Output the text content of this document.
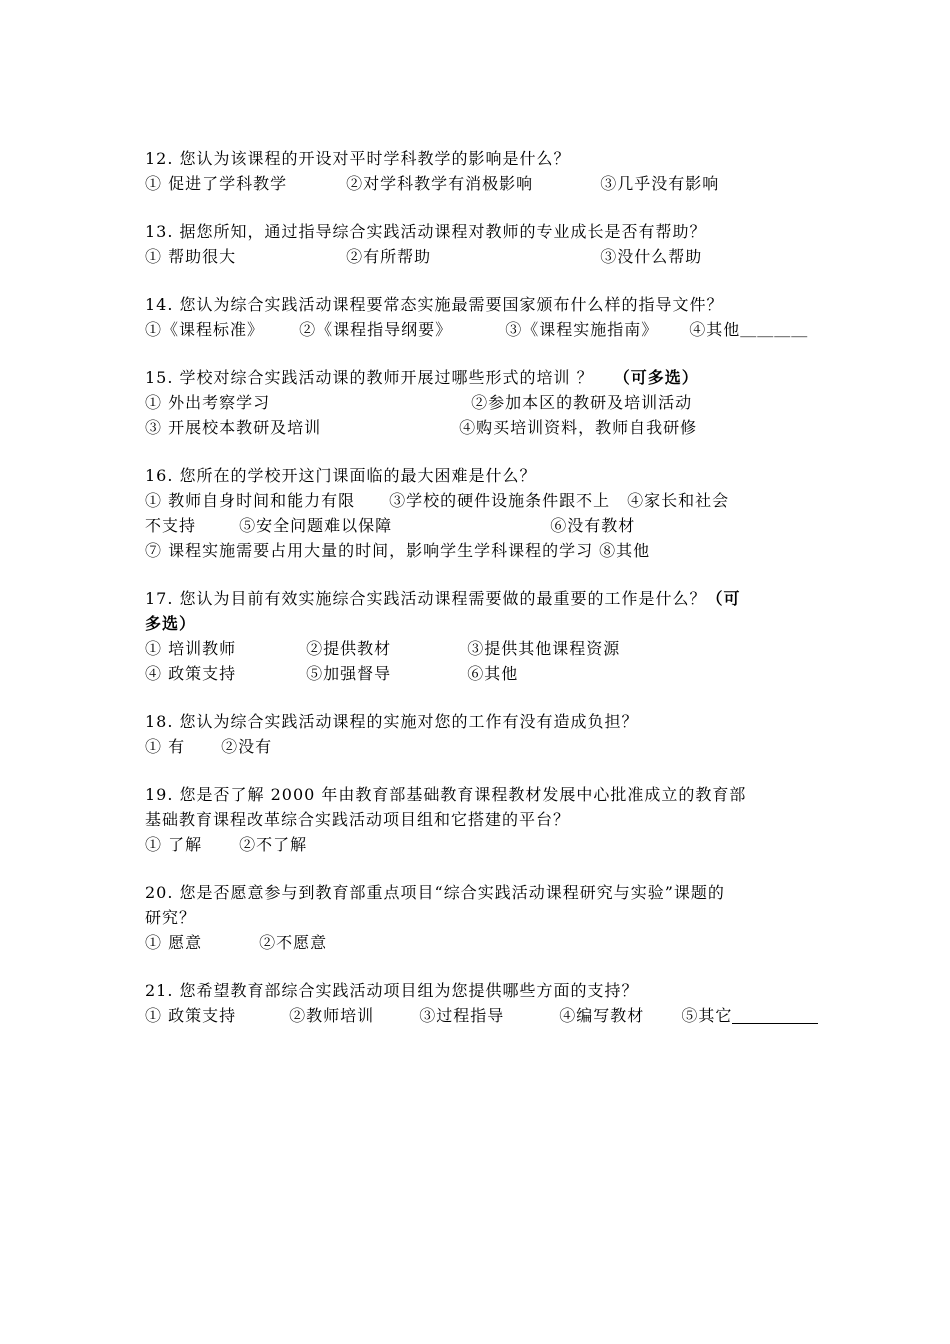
12. 您认为该课程的开设对平时学科教学的影响是什么？
① 促进了学科教学	②对学科教学有消极影响	③几乎没有影响
13. 据您所知，通过指导综合实践活动课程对教师的专业成长是否有帮助？
① 帮助很大	②有所帮助	③没什么帮助
14. 您认为综合实践活动课程要常态实施最需要国家颁布什么样的指导文件？
①《课程标准》 ②《课程指导纲要》	③《课程实施指南》 ④其他＿＿＿＿
15. 学校对综合实践活动课的教师开展过哪些形式的培训 ？ （可多选）
① 外出考察学习	②参加本区的教研及培训活动
③ 开展校本教研及培训	④购买培训资料，教师自我研修
16. 您所在的学校开这门课面临的最大困难是什么？
① 教师自身时间和能力有限　　③学校的硬件设施条件跟不上　④家长和社会
不支持	⑤安全问题难以保障	⑥没有教材
⑦ 课程实施需要占用大量的时间，影响学生学科课程的学习 ⑧其他
17. 您认为目前有效实施综合实践活动课程需要做的最重要的工作是什么？（可
多选）
① 培训教师	②提供教材	③提供其他课程资源
④ 政策支持	⑤加强督导	⑥其他
18. 您认为综合实践活动课程的实施对您的工作有没有造成负担？
① 有 ②没有
19. 您是否了解 2000 年由教育部基础教育课程教材发展中心批准成立的教育部
基础教育课程改革综合实践活动项目组和它搭建的平台？
① 了解 ②不了解
20. 您是否愿意参与到教育部重点项目“综合实践活动课程研究与实验”课题的
研究？
① 愿意	②不愿意
21. 您希望教育部综合实践活动项目组为您提供哪些方面的支持？
① 政策支持	②教师培训	③过程指导	④编写教材 ⑤其它
